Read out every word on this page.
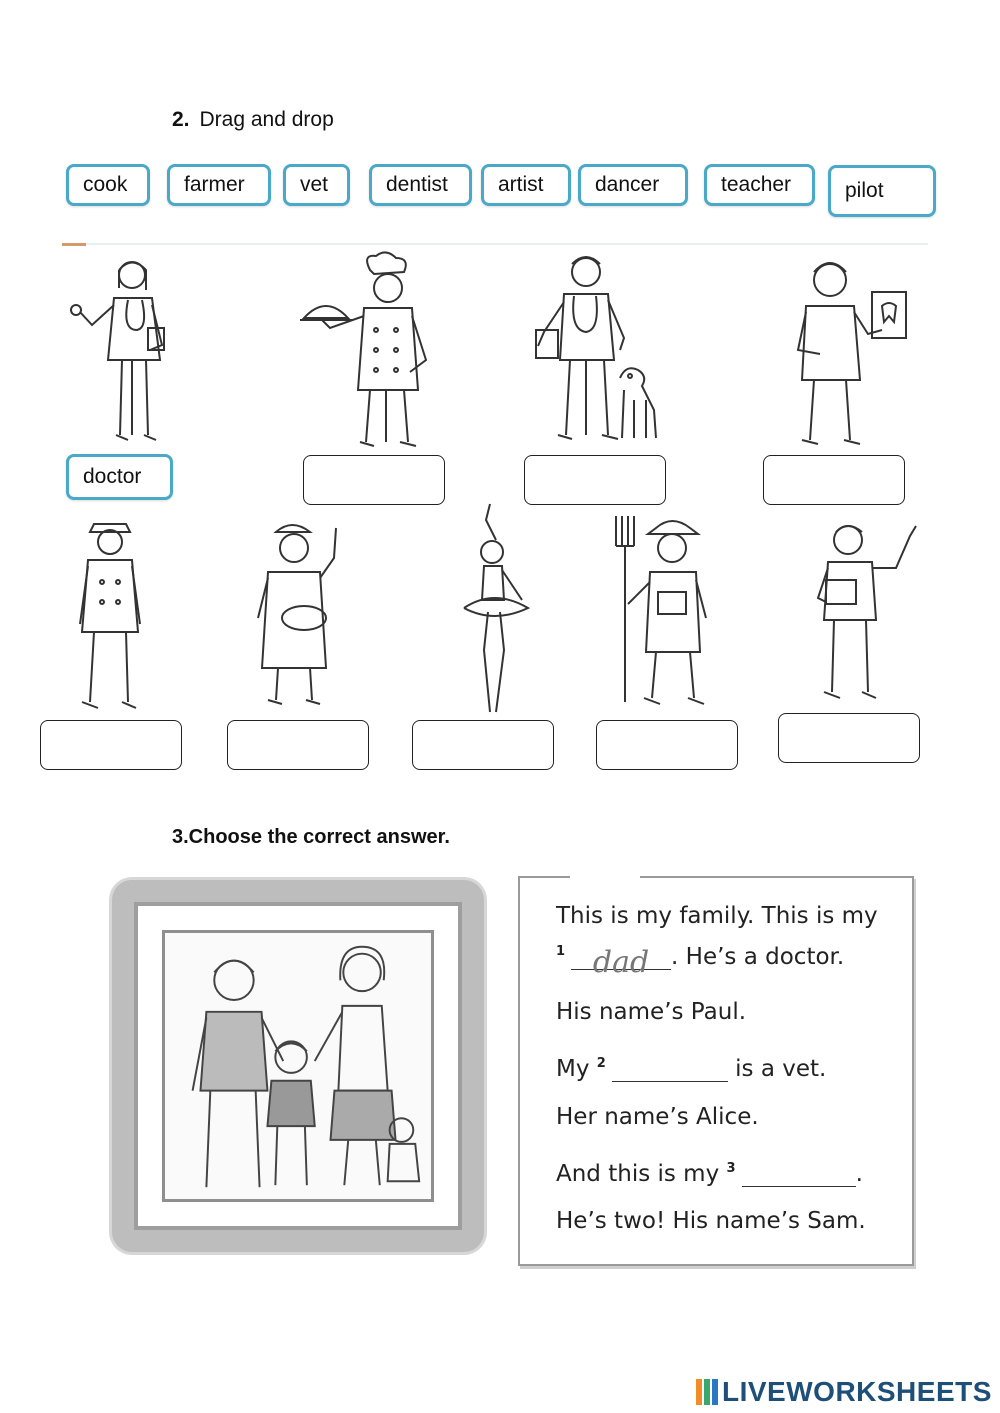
2. Drag and drop
cook	farmer	vet	dentist artist dancer	teacher	pilot
doctor
3.Choose the correct answer.
This is my family. This is my
$^1$ dad . He’s a doctor.
His name’s Paul.
My $^2$	is a vet.
Her name’s Alice.
And this is my $^3$	.
He’s two! His name’s Sam.
LIVEWORKSHEETS
